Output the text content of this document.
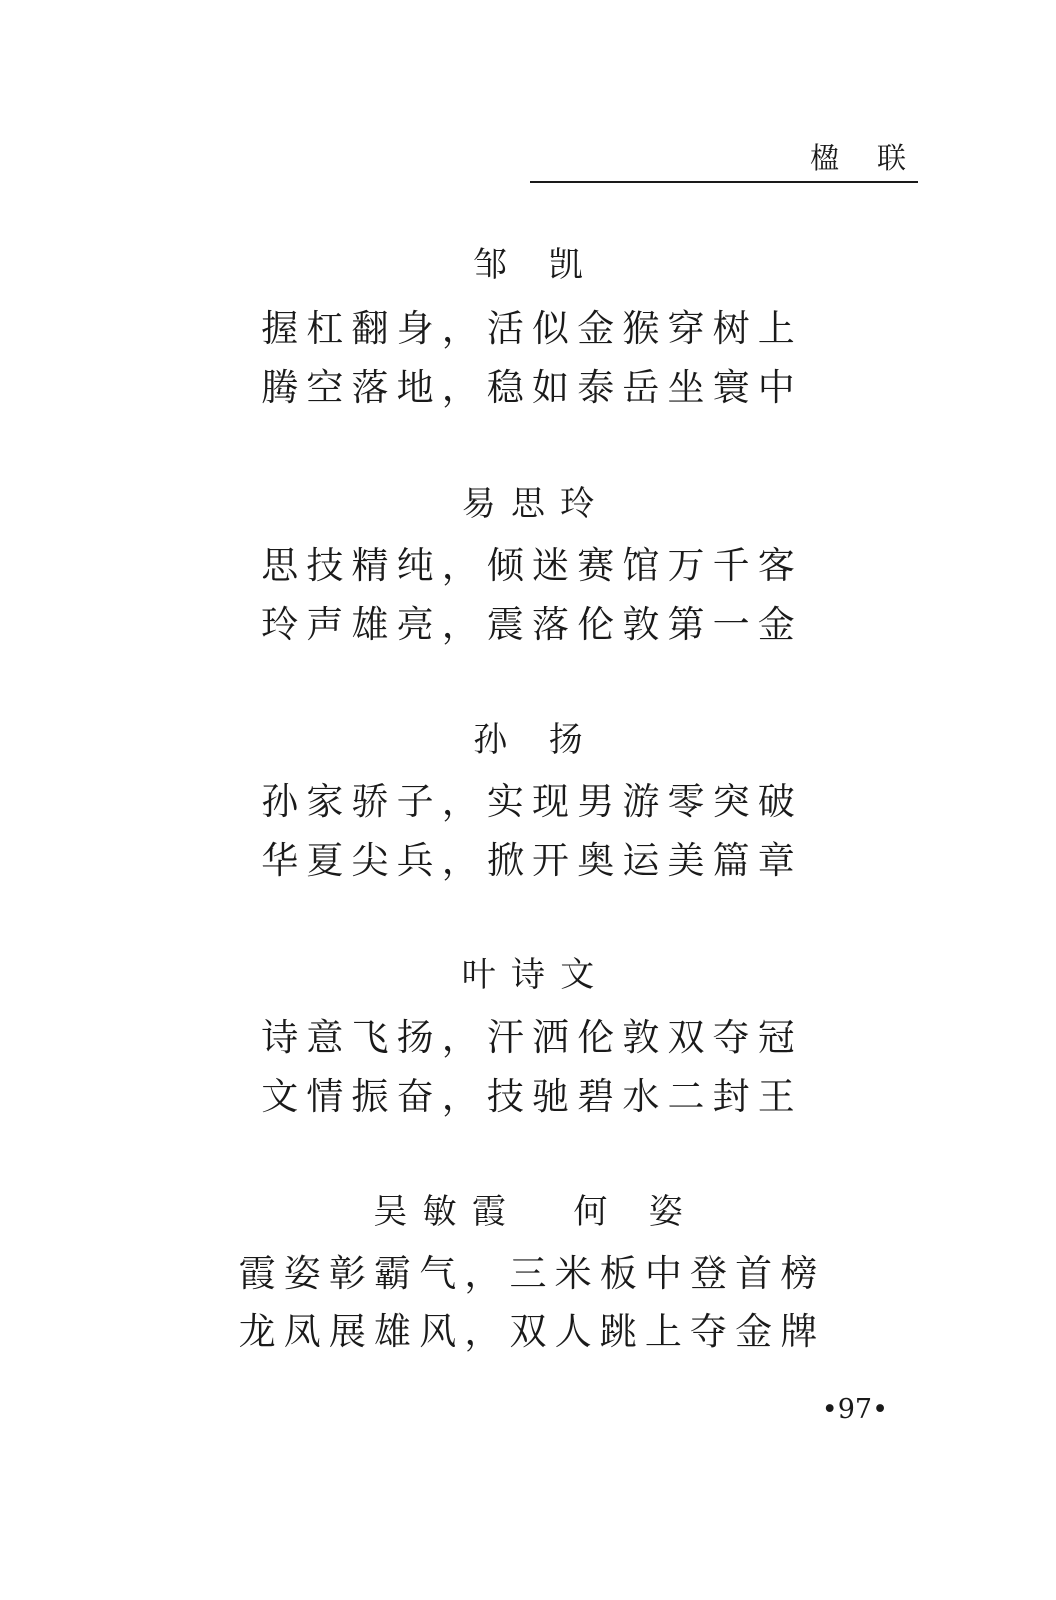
楹 联
邹 凯
握杠翻身，活似金猴穿树上
腾空落地，稳如泰岳坐寰中
易思玲
思技精纯，倾迷赛馆万千客
玲声雄亮，震落伦敦第一金
孙 扬
孙家骄子，实现男游零突破
华夏尖兵，掀开奥运美篇章
叶诗文
诗意飞扬，汗洒伦敦双夺冠
文情振奋，技驰碧水二封王
吴敏霞  何 姿
霞姿彰霸气，三米板中登首榜
龙凤展雄风，双人跳上夺金牌
•97•
